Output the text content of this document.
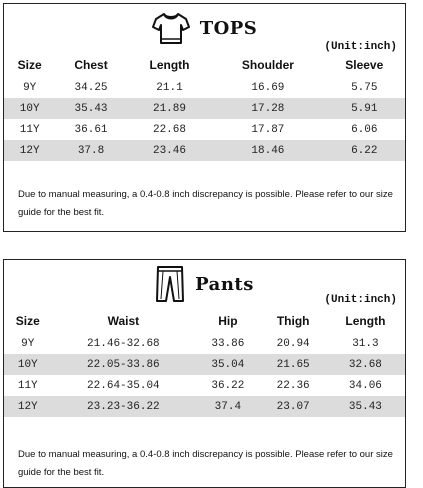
TOPS
(Unit:inch)
Size	Chest	Length	Shoulder	Sleeve
9Y	34.25	21.1	16.69	5.75
10Y	35.43	21.89	17.28	5.91
11Y	36.61	22.68	17.87	6.06
12Y	37.8	23.46	18.46	6.22
Due to manual measuring, a 0.4-0.8 inch discrepancy is possible. Please refer to our size guide for the best fit.
Pants
(Unit:inch)
Size	Waist	Hip	Thigh	Length
9Y	21.46-32.68	33.86	20.94	31.3
10Y	22.05-33.86	35.04	21.65	32.68
11Y	22.64-35.04	36.22	22.36	34.06
12Y	23.23-36.22	37.4	23.07	35.43
Due to manual measuring, a 0.4-0.8 inch discrepancy is possible. Please refer to our size guide for the best fit.
